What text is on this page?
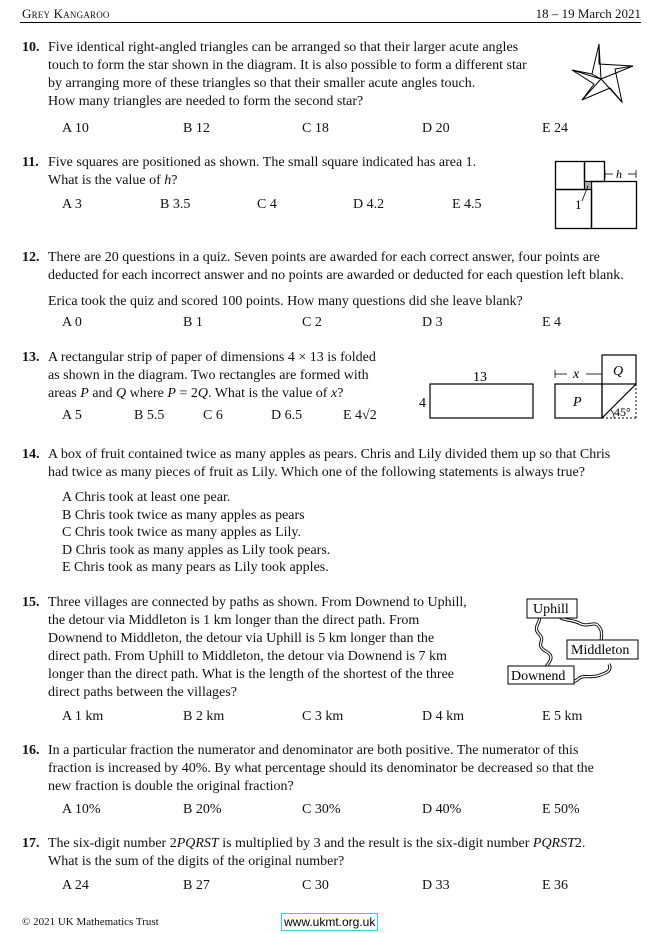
Grey Kangaroo	18 – 19 March 2021
10. Five identical right-angled triangles can be arranged so that their larger acute angles

touch to form the star shown in the diagram. It is also possible to form a different star

by arranging more of these triangles so that their smaller acute angles touch.

How many triangles are needed to form the second star?

A 10	B 12	C 18	D 20	E 24
11. Five squares are positioned as shown. The small square indicated has area 1.

What is the value of h?

A 3	B 3.5	C 4	D 4.2	E 4.5	1
h
12. There are 20 questions in a quiz. Seven points are awarded for each correct answer, four points are

deducted for each incorrect answer and no points are awarded or deducted for each question left blank.

Erica took the quiz and scored 100 points. How many questions did she leave blank?

A 0	B 1	C 2	D 3	E 4
13. A rectangular strip of paper of dimensions 4 × 13 is folded

as shown in the diagram. Two rectangles are formed with

areas P and Q where P = 2Q. What is the value of x?

A 5	B 5.5	C 6	D 6.5	E 4√2
13
4
x
P
Q
45°
14. A box of fruit contained twice as many apples as pears. Chris and Lily divided them up so that Chris

had twice as many pieces of fruit as Lily. Which one of the following statements is always true?

A Chris took at least one pear.
B Chris took twice as many apples as pears
C Chris took twice as many apples as Lily.
D Chris took as many apples as Lily took pears.
E Chris took as many pears as Lily took apples.
15. Three villages are connected by paths as shown. From Downend to Uphill,

the detour via Middleton is 1 km longer than the direct path. From

Downend to Middleton, the detour via Uphill is 5 km longer than the

direct path. From Uphill to Middleton, the detour via Downend is 7 km

longer than the direct path. What is the length of the shortest of the three

direct paths between the villages?

A 1 km	B 2 km	C 3 km	D 4 km	E 5 km
Uphill
Middleton
Downend
16. In a particular fraction the numerator and denominator are both positive. The numerator of this

fraction is increased by 40%. By what percentage should its denominator be decreased so that the

new fraction is double the original fraction?

A 10%	B 20%	C 30%	D 40%	E 50%
17. The six-digit number 2PQRST is multiplied by 3 and the result is the six-digit number PQRST2.

What is the sum of the digits of the original number?

A 24	B 27	C 30	D 33	E 36
© 2021 UK Mathematics Trust	www.ukmt.org.uk
